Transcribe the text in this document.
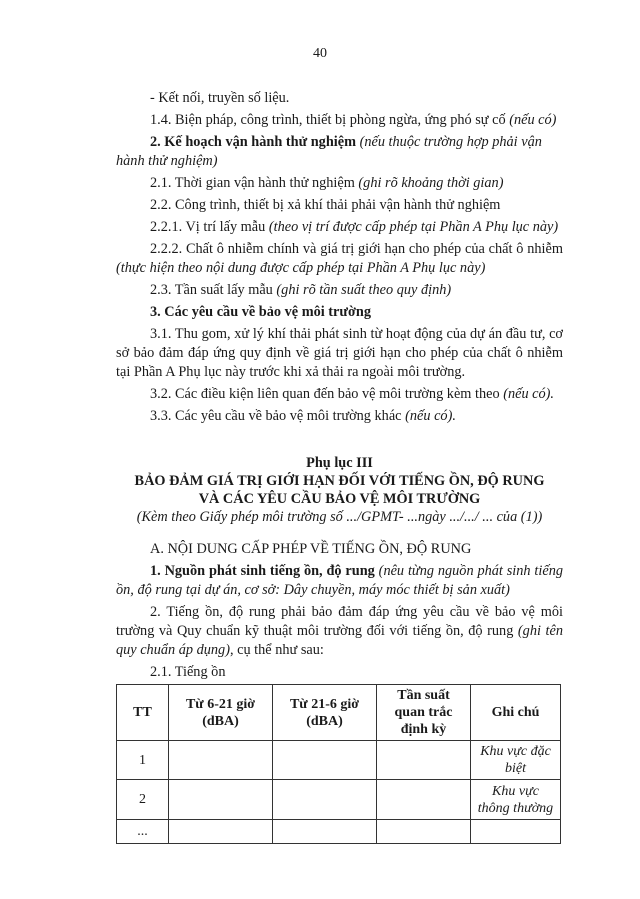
40

- Kết nối, truyền số liệu.

1.4. Biện pháp, công trình, thiết bị phòng ngừa, ứng phó sự cố (nếu có)

2. Kế hoạch vận hành thử nghiệm (nếu thuộc trường hợp phải vận hành thử nghiệm)

2.1. Thời gian vận hành thử nghiệm (ghi rõ khoảng thời gian)

2.2. Công trình, thiết bị xả khí thải phải vận hành thử nghiệm

2.2.1. Vị trí lấy mẫu (theo vị trí được cấp phép tại Phần A Phụ lục này)

2.2.2. Chất ô nhiễm chính và giá trị giới hạn cho phép của chất ô nhiễm (thực hiện theo nội dung được cấp phép tại Phần A Phụ lục này)

2.3. Tần suất lấy mẫu (ghi rõ tần suất theo quy định)

3. Các yêu cầu về bảo vệ môi trường

3.1. Thu gom, xử lý khí thải phát sinh từ hoạt động của dự án đầu tư, cơ sở bảo đảm đáp ứng quy định về giá trị giới hạn cho phép của chất ô nhiễm tại Phần A Phụ lục này trước khi xả thải ra ngoài môi trường.

3.2. Các điều kiện liên quan đến bảo vệ môi trường kèm theo (nếu có).

3.3. Các yêu cầu về bảo vệ môi trường khác (nếu có).

Phụ lục III

BẢO ĐẢM GIÁ TRỊ GIỚI HẠN ĐỐI VỚI TIẾNG ỒN, ĐỘ RUNG

VÀ CÁC YÊU CẦU BẢO VỆ MÔI TRƯỜNG

(Kèm theo Giấy phép môi trường số .../GPMT- ...ngày .../.../ ... của (1))

A. NỘI DUNG CẤP PHÉP VỀ TIẾNG ỒN, ĐỘ RUNG

1. Nguồn phát sinh tiếng ồn, độ rung (nêu từng nguồn phát sinh tiếng ồn, độ rung tại dự án, cơ sở: Dây chuyền, máy móc thiết bị sản xuất)

2. Tiếng ồn, độ rung phải bảo đảm đáp ứng yêu cầu về bảo vệ môi trường và Quy chuẩn kỹ thuật môi trường đối với tiếng ồn, độ rung (ghi tên quy chuẩn áp dụng), cụ thể như sau:

2.1. Tiếng ồn

TT	Từ 6-21 giờ (dBA)	Từ 21-6 giờ (dBA)	Tần suất quan trắc định kỳ	Ghi chú
1				Khu vực đặc biệt
2				Khu vực thông thường
...				
